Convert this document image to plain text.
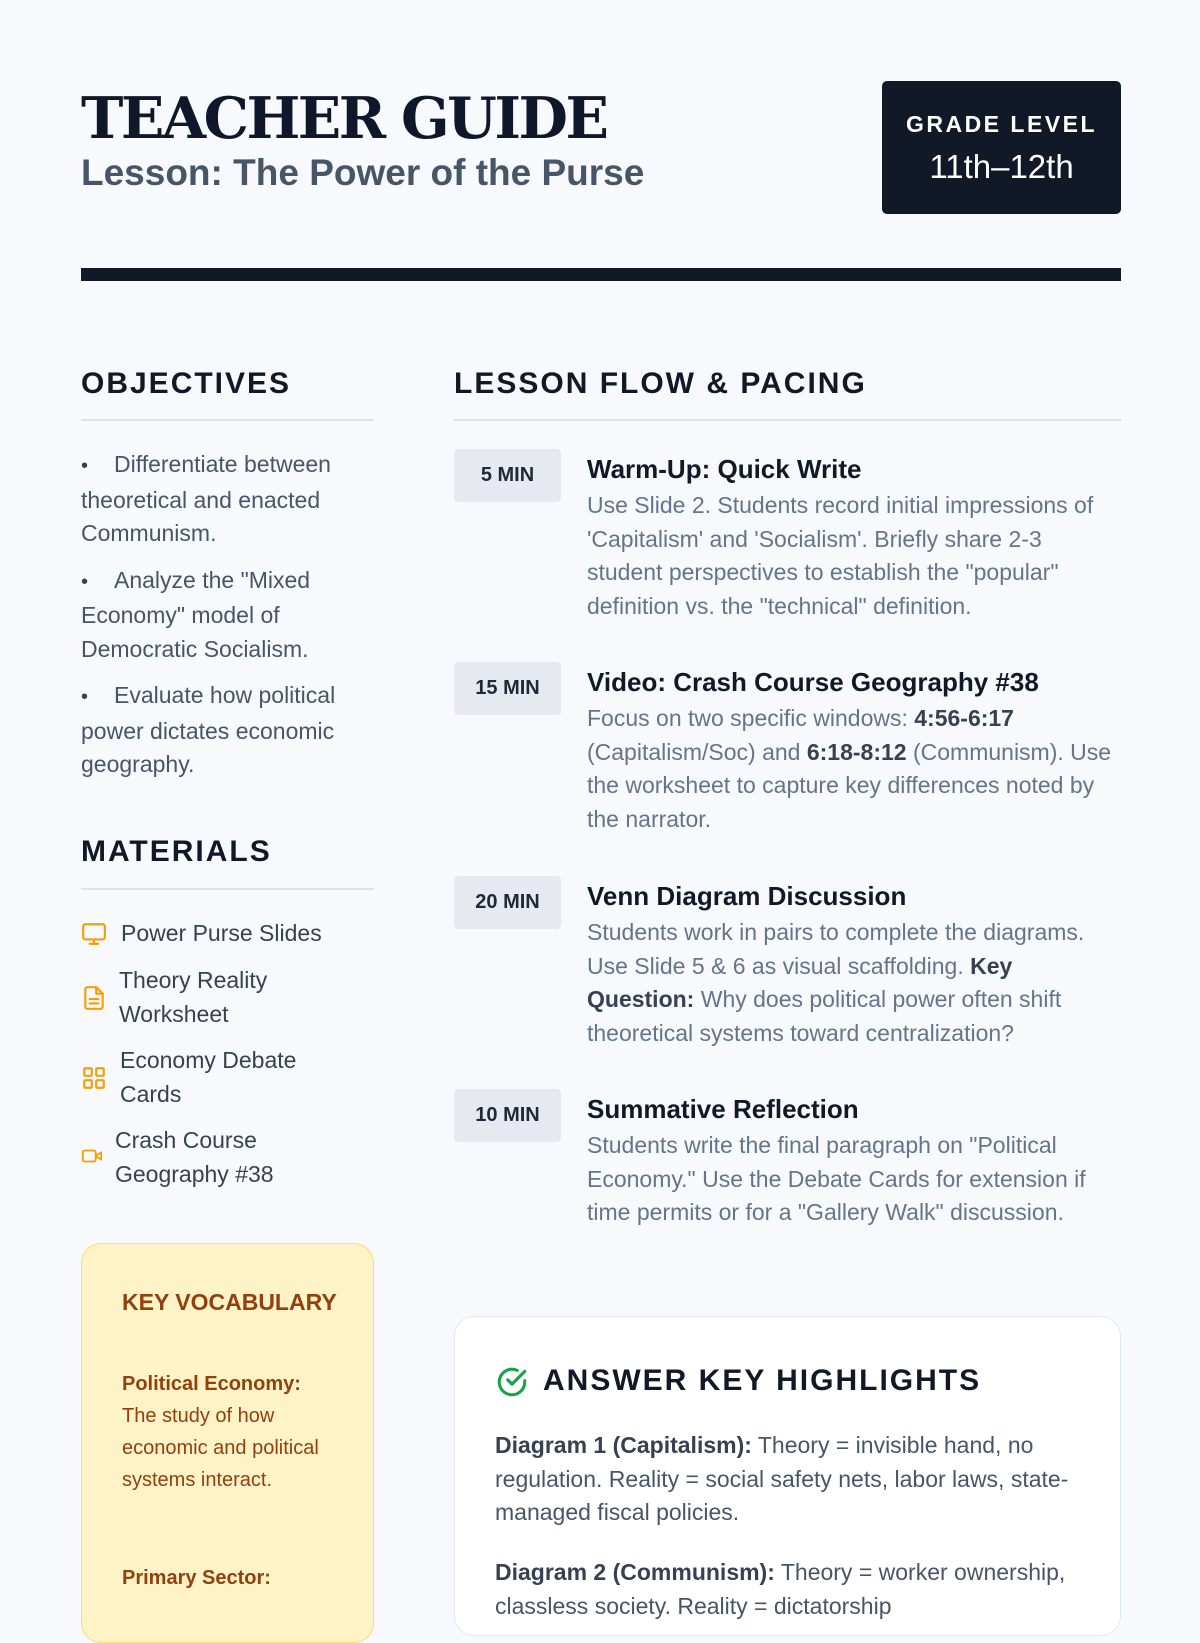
TEACHER GUIDE
Lesson: The Power of the Purse
GRADE LEVEL
11th–12th
OBJECTIVES
• Differentiate between theoretical and enacted Communism.
• Analyze the "Mixed Economy" model of Democratic Socialism.
• Evaluate how political power dictates economic geography.
MATERIALS
Power Purse Slides
Theory Reality Worksheet
Economy Debate Cards
Crash Course Geography #38
KEY VOCABULARY
Political Economy:
The study of how economic and political systems interact.
Primary Sector:
LESSON FLOW & PACING
5 MIN	Warm-Up: Quick Write
Use Slide 2. Students record initial impressions of 'Capitalism' and 'Socialism'. Briefly share 2-3 student perspectives to establish the "popular" definition vs. the "technical" definition.
15 MIN	Video: Crash Course Geography #38
Focus on two specific windows: 4:56-6:17 (Capitalism/Soc) and 6:18-8:12 (Communism). Use the worksheet to capture key differences noted by the narrator.
20 MIN	Venn Diagram Discussion
Students work in pairs to complete the diagrams. Use Slide 5 & 6 as visual scaffolding. Key Question: Why does political power often shift theoretical systems toward centralization?
10 MIN	Summative Reflection
Students write the final paragraph on "Political Economy." Use the Debate Cards for extension if time permits or for a "Gallery Walk" discussion.
ANSWER KEY HIGHLIGHTS
Diagram 1 (Capitalism): Theory = invisible hand, no regulation. Reality = social safety nets, labor laws, state-managed fiscal policies.
Diagram 2 (Communism): Theory = worker ownership, classless society. Reality = dictatorship
